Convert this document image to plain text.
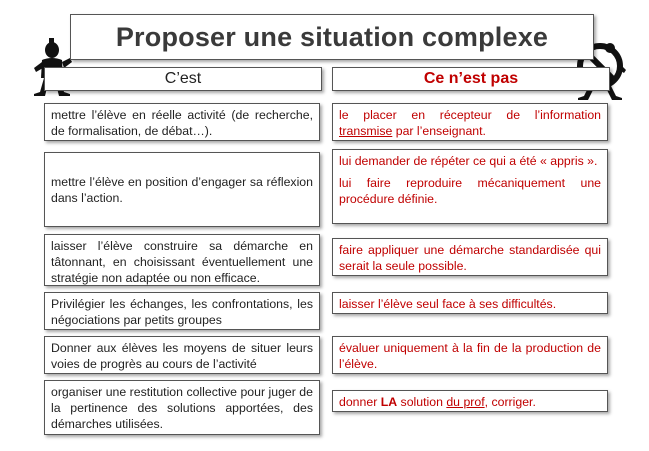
Proposer une situation complexe
C’est	Ce n’est pas

mettre l’élève en réelle activité (de recherche, de formalisation, de débat…).

mettre l’élève en position d’engager sa réflexion dans l’action.

laisser l’élève construire sa démarche en tâtonnant, en choisissant éventuellement une stratégie non adaptée ou non efficace.

Privilégier les échanges, les confrontations, les négociations par petits groupes

Donner aux élèves les moyens de situer leurs voies de progrès au cours de l’activité

organiser une restitution collective pour juger de la pertinence des solutions apportées, des démarches utilisées.

le placer en récepteur de l’information transmise par l’enseignant.

lui demander de répéter ce qui a été « appris ».

lui faire reproduire mécaniquement une procédure définie.

faire appliquer une démarche standardisée qui serait la seule possible.

laisser l’élève seul face à ses difficultés.

évaluer uniquement à la fin de la production de l’élève.

donner LA solution du prof, corriger.
